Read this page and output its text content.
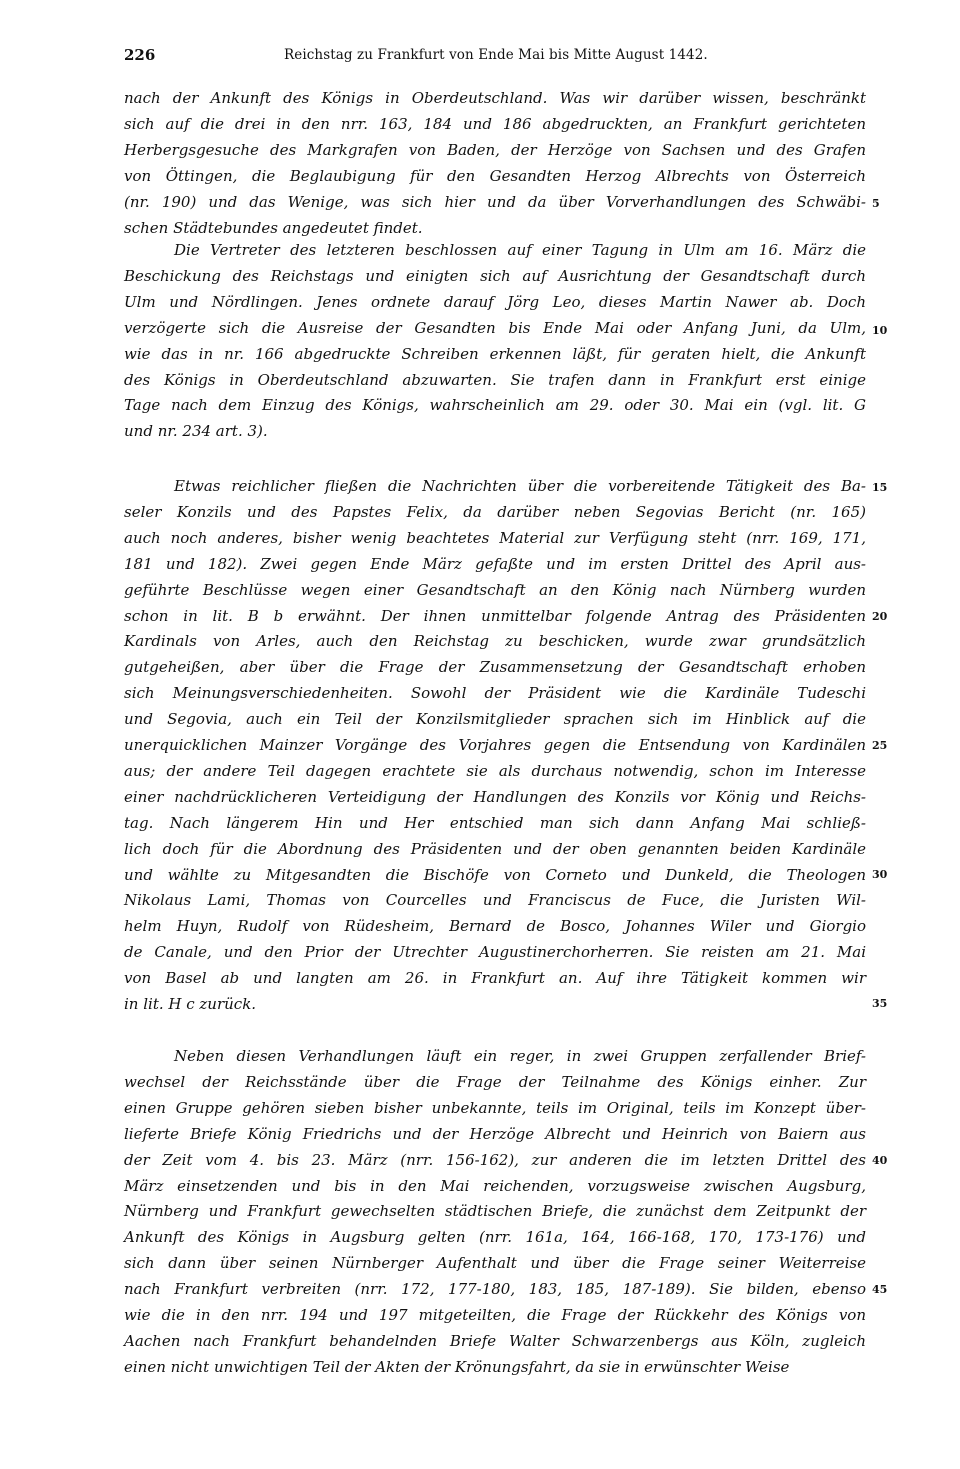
226	Reichstag zu Frankfurt von Ende Mai bis Mitte August 1442.
nach der Ankunft des Königs in Oberdeutschland. Was wir darüber wissen, beschränkt
sich auf die drei in den nrr. 163, 184 und 186 abgedruckten, an Frankfurt gerichteten
Herbergsgesuche des Markgrafen von Baden, der Herzöge von Sachsen und des Grafen
von Öttingen, die Beglaubigung für den Gesandten Herzog Albrechts von Österreich
(nr. 190) und das Wenige, was sich hier und da über Vorverhandlungen des Schwäbi-
schen Städtebundes angedeutet findet.
Die Vertreter des letzteren beschlossen auf einer Tagung in Ulm am 16. März die
Beschickung des Reichstags und einigten sich auf Ausrichtung der Gesandtschaft durch
Ulm und Nördlingen. Jenes ordnete darauf Jörg Leo, dieses Martin Nawer ab. Doch
verzögerte sich die Ausreise der Gesandten bis Ende Mai oder Anfang Juni, da Ulm,
wie das in nr. 166 abgedruckte Schreiben erkennen läßt, für geraten hielt, die Ankunft
des Königs in Oberdeutschland abzuwarten. Sie trafen dann in Frankfurt erst einige
Tage nach dem Einzug des Königs, wahrscheinlich am 29. oder 30. Mai ein (vgl. lit. G
und nr. 234 art. 3).
Etwas reichlicher fließen die Nachrichten über die vorbereitende Tätigkeit des Ba-
seler Konzils und des Papstes Felix, da darüber neben Segovias Bericht (nr. 165)
auch noch anderes, bisher wenig beachtetes Material zur Verfügung steht (nrr. 169, 171,
181 und 182). Zwei gegen Ende März gefaßte und im ersten Drittel des April aus-
geführte Beschlüsse wegen einer Gesandtschaft an den König nach Nürnberg wurden
schon in lit. B b erwähnt. Der ihnen unmittelbar folgende Antrag des Präsidenten
Kardinals von Arles, auch den Reichstag zu beschicken, wurde zwar grundsätzlich
gutgeheißen, aber über die Frage der Zusammensetzung der Gesandtschaft erhoben
sich Meinungsverschiedenheiten. Sowohl der Präsident wie die Kardinäle Tudeschi
und Segovia, auch ein Teil der Konzilsmitglieder sprachen sich im Hinblick auf die
unerquicklichen Mainzer Vorgänge des Vorjahres gegen die Entsendung von Kardinälen
aus; der andere Teil dagegen erachtete sie als durchaus notwendig, schon im Interesse
einer nachdrücklicheren Verteidigung der Handlungen des Konzils vor König und Reichs-
tag. Nach längerem Hin und Her entschied man sich dann Anfang Mai schließ-
lich doch für die Abordnung des Präsidenten und der oben genannten beiden Kardinäle
und wählte zu Mitgesandten die Bischöfe von Corneto und Dunkeld, die Theologen
Nikolaus Lami, Thomas von Courcelles und Franciscus de Fuce, die Juristen Wil-
helm Huyn, Rudolf von Rüdesheim, Bernard de Bosco, Johannes Wiler und Giorgio
de Canale, und den Prior der Utrechter Augustinerchorherren. Sie reisten am 21. Mai
von Basel ab und langten am 26. in Frankfurt an. Auf ihre Tätigkeit kommen wir
in lit. H c zurück.
Neben diesen Verhandlungen läuft ein reger, in zwei Gruppen zerfallender Brief-
wechsel der Reichsstände über die Frage der Teilnahme des Königs einher. Zur
einen Gruppe gehören sieben bisher unbekannte, teils im Original, teils im Konzept über-
lieferte Briefe König Friedrichs und der Herzöge Albrecht und Heinrich von Baiern aus
der Zeit vom 4. bis 23. März (nrr. 156-162), zur anderen die im letzten Drittel des
März einsetzenden und bis in den Mai reichenden, vorzugsweise zwischen Augsburg,
Nürnberg und Frankfurt gewechselten städtischen Briefe, die zunächst dem Zeitpunkt der
Ankunft des Königs in Augsburg gelten (nrr. 161a, 164, 166-168, 170, 173-176) und
sich dann über seinen Nürnberger Aufenthalt und über die Frage seiner Weiterreise
nach Frankfurt verbreiten (nrr. 172, 177-180, 183, 185, 187-189). Sie bilden, ebenso
wie die in den nrr. 194 und 197 mitgeteilten, die Frage der Rückkehr des Königs von
Aachen nach Frankfurt behandelnden Briefe Walter Schwarzenbergs aus Köln, zugleich
einen nicht unwichtigen Teil der Akten der Krönungsfahrt, da sie in erwünschter Weise
5
10
15
20
25
30
35
40
45
